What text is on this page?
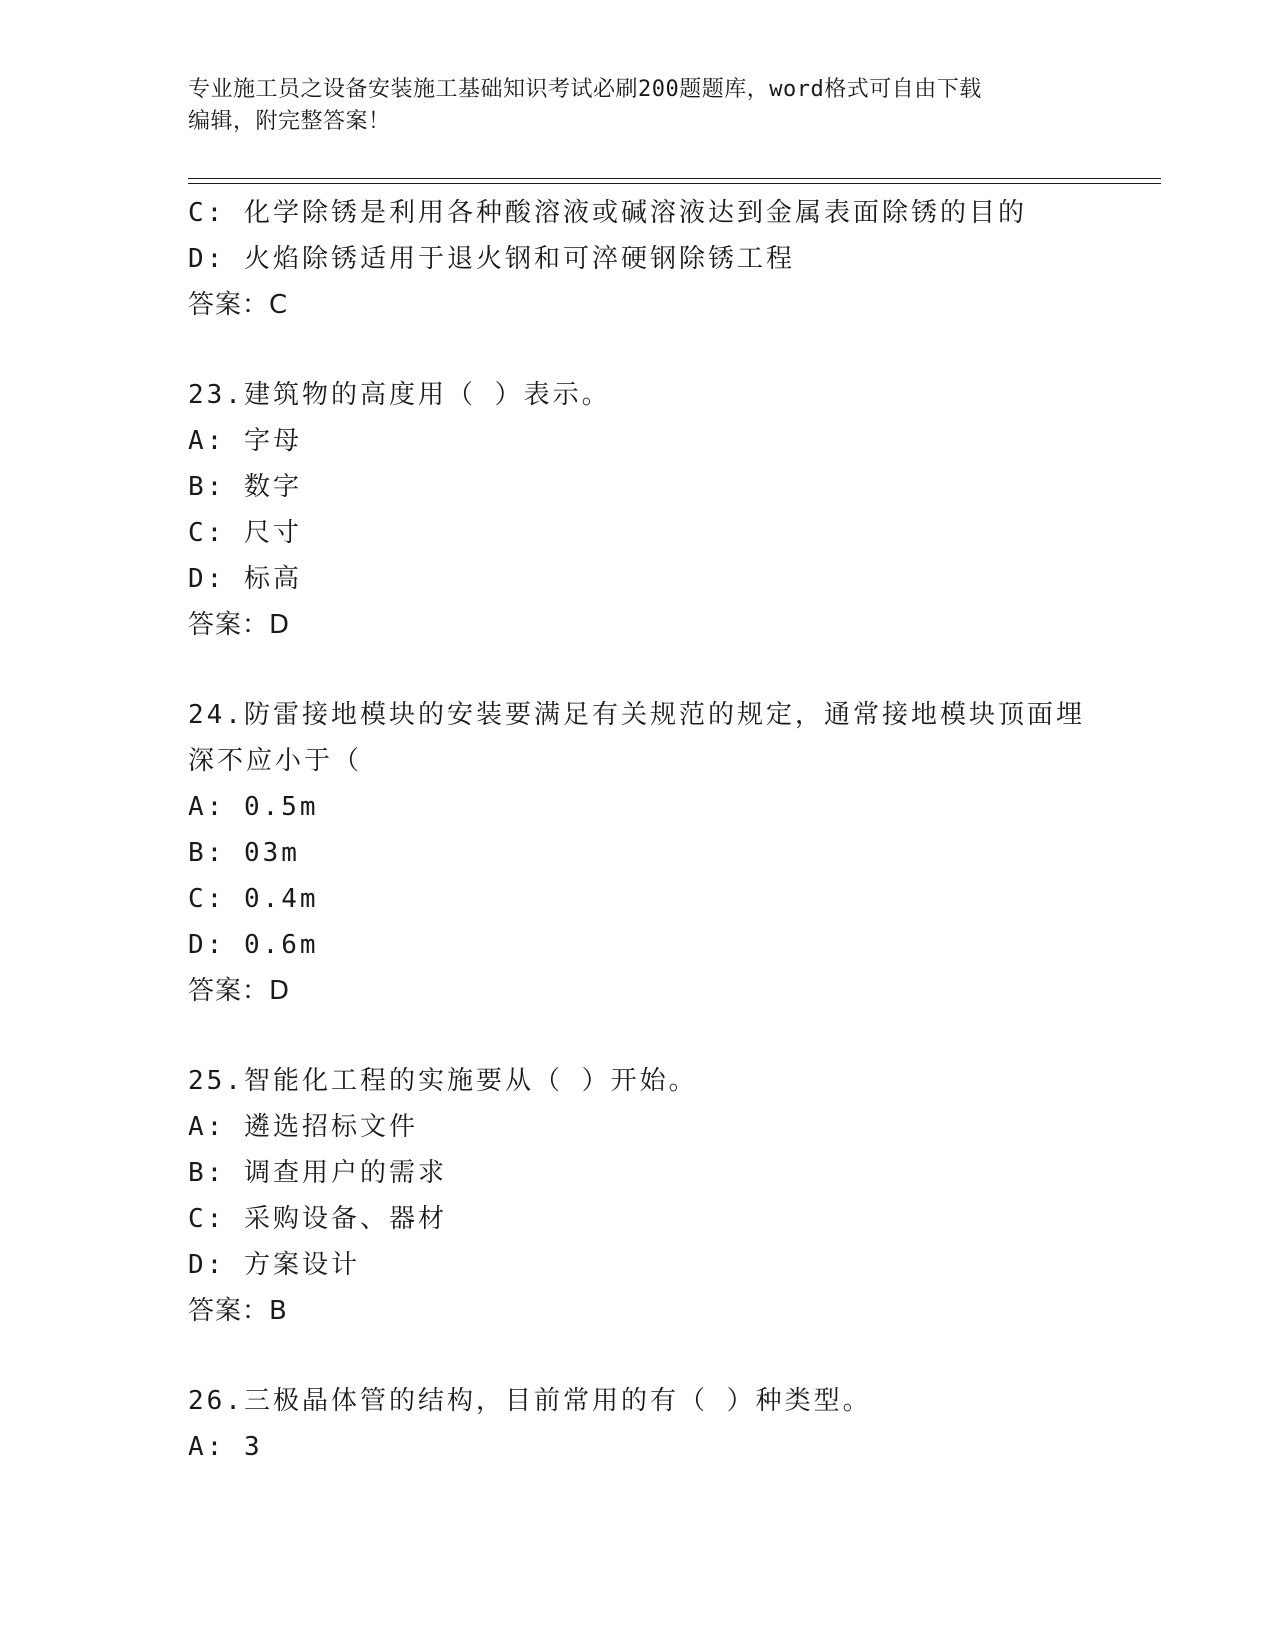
专业施工员之设备安装施工基础知识考试必刷200题题库，word格式可自由下载
编辑，附完整答案！
C: 化学除锈是利用各种酸溶液或碱溶液达到金属表面除锈的目的
D: 火焰除锈适用于退火钢和可淬硬钢除锈工程
答案：C
23.建筑物的高度用（ ）表示。
A: 字母
B: 数字
C: 尺寸
D: 标高
答案：D
24.防雷接地模块的安装要满足有关规范的规定，通常接地模块顶面埋
深不应小于（
A: 0.5m
B: 03m
C: 0.4m
D: 0.6m
答案：D
25.智能化工程的实施要从（ ）开始。
A: 遴选招标文件
B: 调查用户的需求
C: 采购设备、器材
D: 方案设计
答案：B
26.三极晶体管的结构，目前常用的有（ ）种类型。
A: 3
